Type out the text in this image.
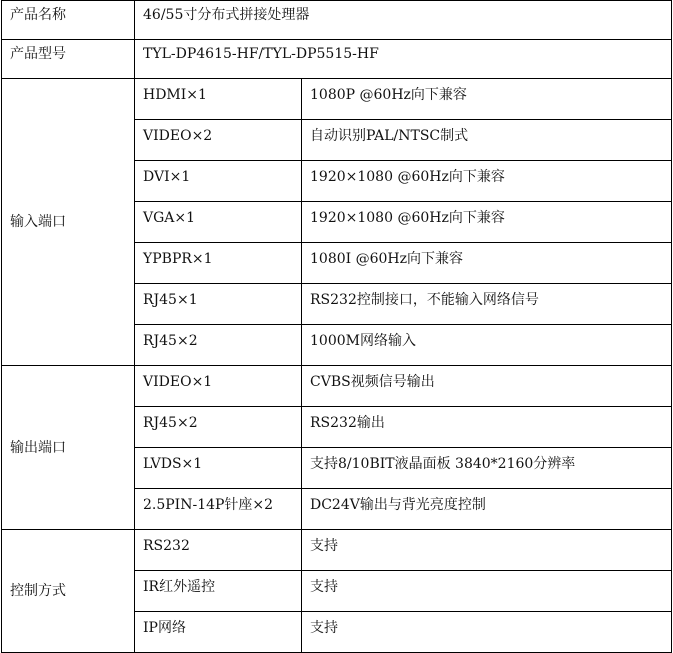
产品名称	46/55寸分布式拼接处理器	
产品型号	TYL-DP4615-HF/TYL-DP5515-HF	
输入端口	HDMI×1	1080P @60Hz向下兼容
	VIDEO×2	自动识别PAL/NTSC制式
	DVI×1	1920×1080 @60Hz向下兼容
	VGA×1	1920×1080 @60Hz向下兼容
	YPBPR×1	1080I @60Hz向下兼容
	RJ45×1	RS232控制接口，不能输入网络信号
	RJ45×2	1000M网络输入
输出端口	VIDEO×1	CVBS视频信号输出
	RJ45×2	RS232输出
	LVDS×1	支持8/10BIT液晶面板 3840*2160分辨率
	2.5PIN-14P针座×2	DC24V输出与背光亮度控制
控制方式	RS232	支持
	IR红外遥控	支持
	IP网络	支持
